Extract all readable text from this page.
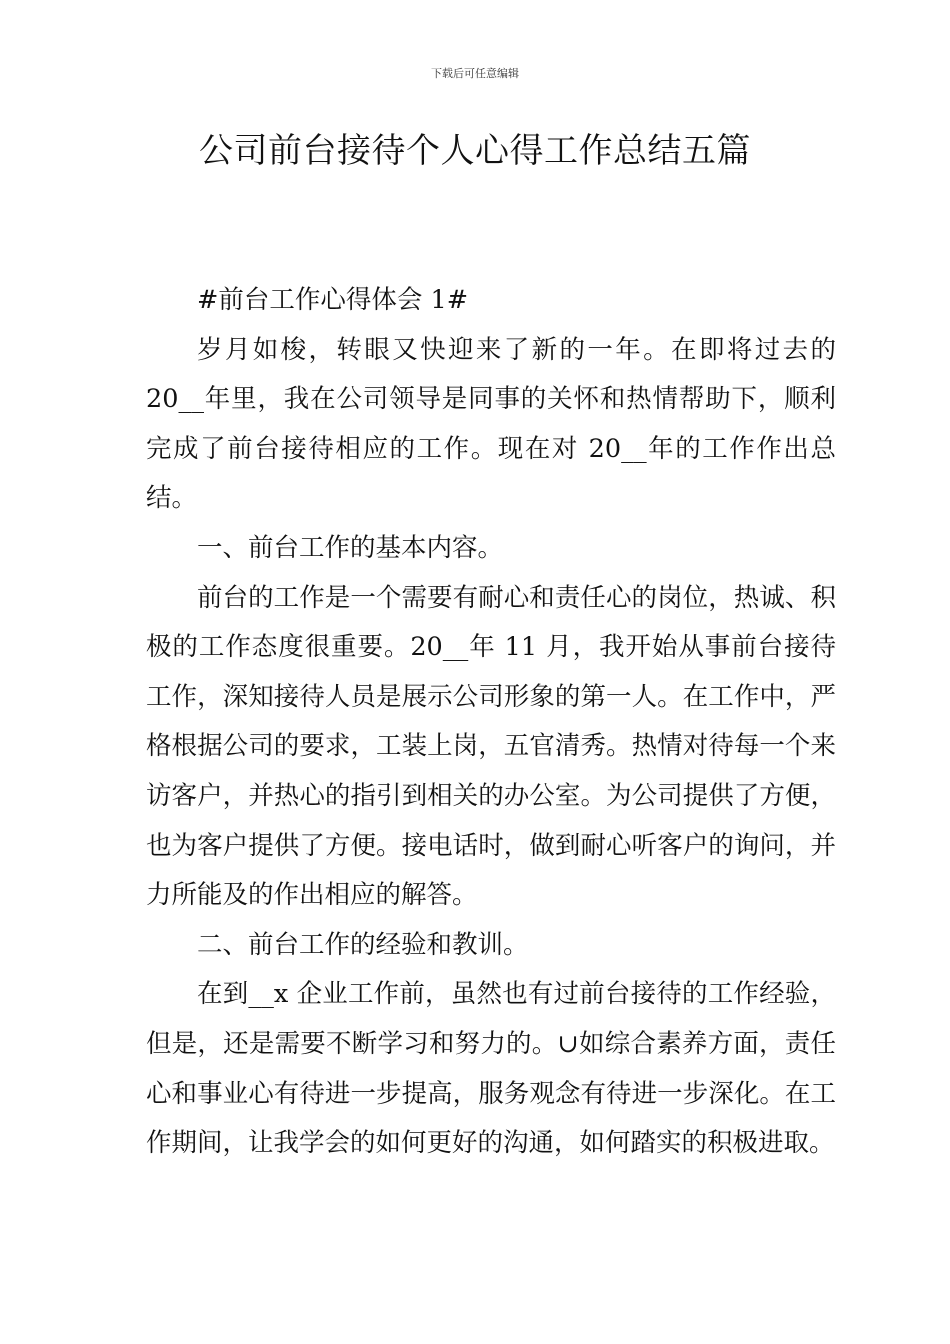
下载后可任意编辑
公司前台接待个人心得工作总结五篇

#前台工作心得体会 1#

岁月如梭，转眼又快迎来了新的一年。在即将过去的 20__年里，我在公司领导是同事的关怀和热情帮助下，顺利完成了前台接待相应的工作。现在对 20__年的工作作出总结。

一、前台工作的基本内容。

前台的工作是一个需要有耐心和责任心的岗位，热诚、积极的工作态度很重要。20__年 11 月，我开始从事前台接待工作，深知接待人员是展示公司形象的第一人。在工作中，严格根据公司的要求，工装上岗，五官清秀。热情对待每一个来访客户，并热心的指引到相关的办公室。为公司提供了方便，也为客户提供了方便。接电话时，做到耐心听客户的询问，并力所能及的作出相应的解答。

二、前台工作的经验和教训。

在到__x 企业工作前，虽然也有过前台接待的工作经验，但是，还是需要不断学习和努力的。∪如综合素养方面，责任心和事业心有待进一步提高，服务观念有待进一步深化。在工作期间，让我学会的如何更好的沟通，如何踏实的积极进取。
